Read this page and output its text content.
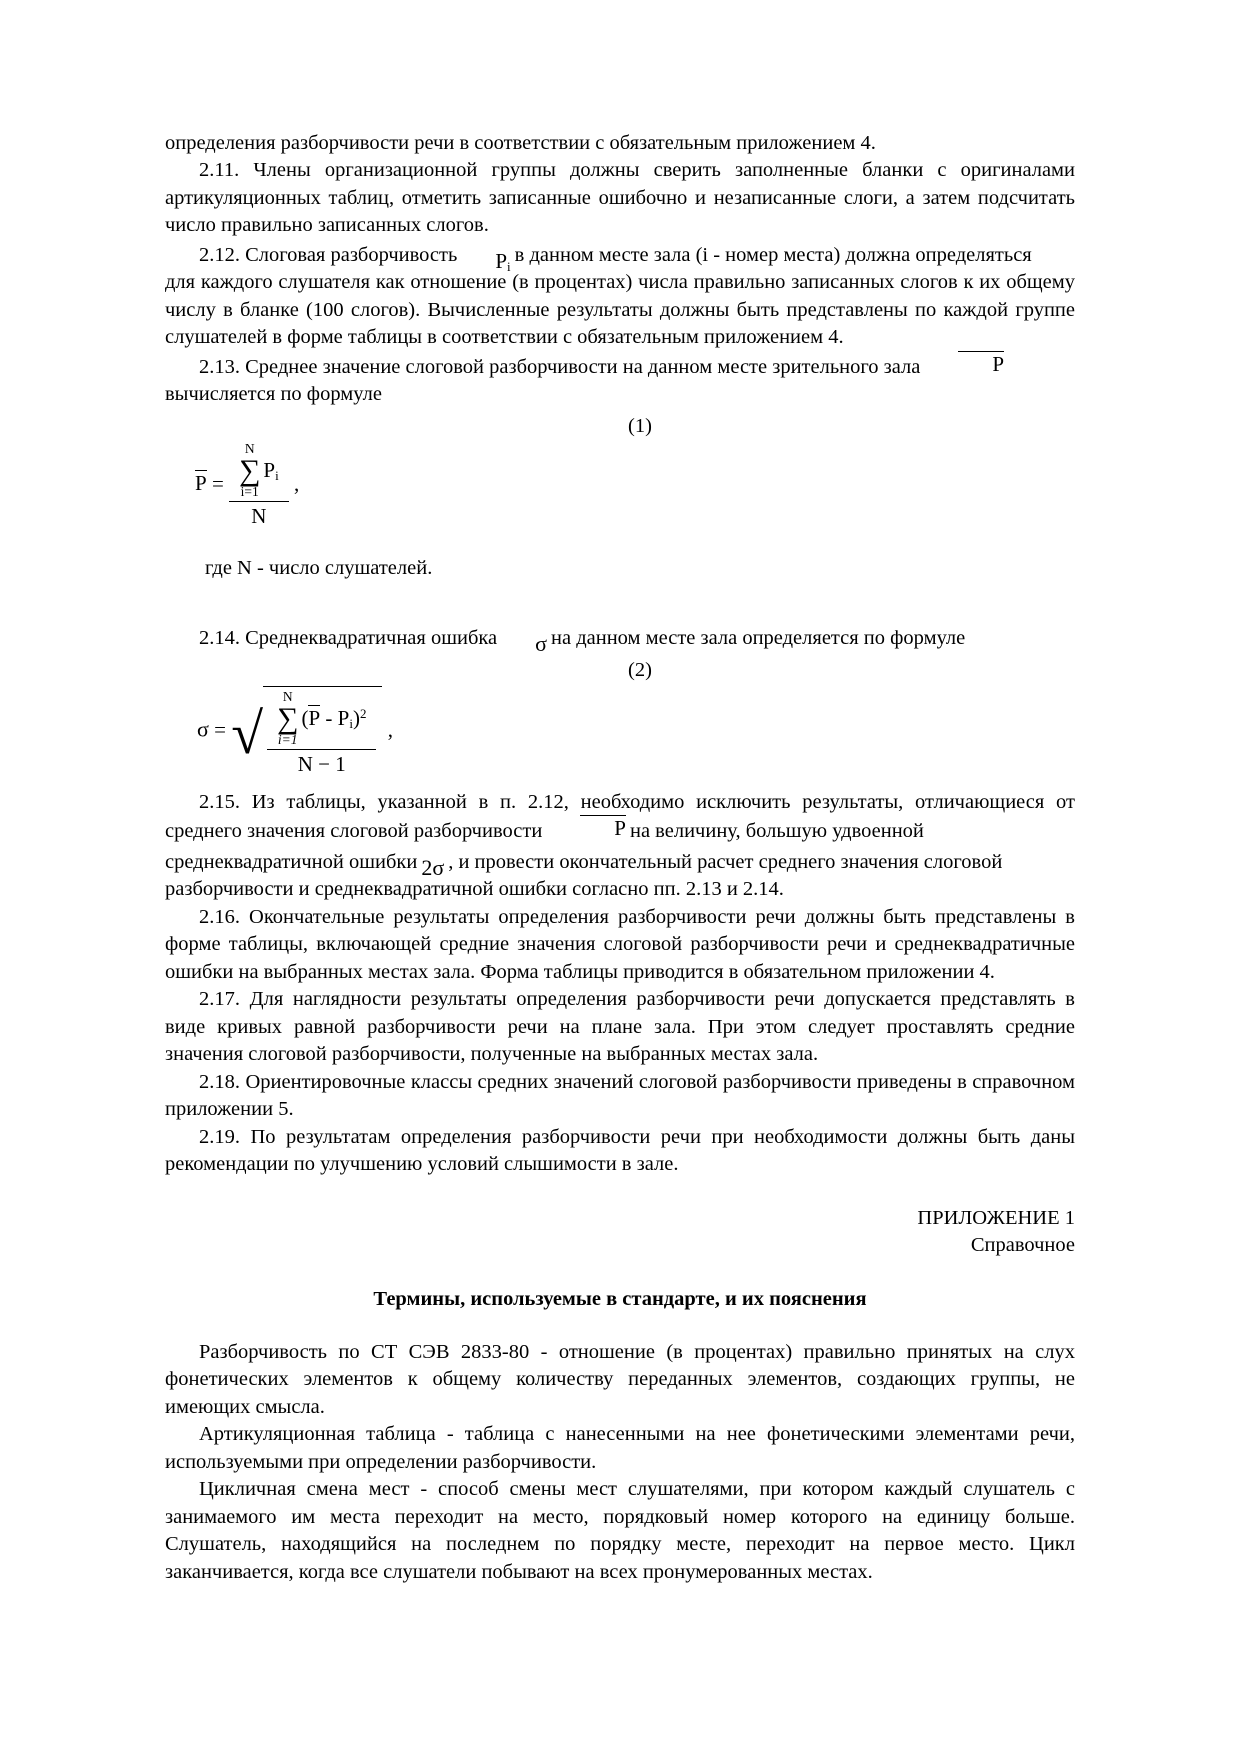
определения разборчивости речи в соответствии с обязательным приложением 4.

2.11. Члены организационной группы должны сверить заполненные бланки с оригиналами артикуляционных таблиц, отметить записанные ошибочно и незаписанные слоги, а затем подсчитать число правильно записанных слогов.

2.12. Слоговая разборчивость $P_iв$ данном месте зала (i - номер места) должна определяться

для каждого слушателя как отношение (в процентах) числа правильно записанных слогов к их общему числу в бланке (100 слогов). Вычисленные результаты должны быть представлены по каждой группе слушателей в форме таблицы в соответствии с обязательным приложением 4.

2.13. Среднее значение слоговой разборчивости на данном месте зрительного зала	P

вычисляется по формуле

(1)
P = N
∑
i=1
$P_i$
N ,

где N - число слушателей.

2.14. Среднеквадратичная ошибка σ на данном месте зала определяется по формуле

(2)
σ = √ N
∑
i=1
$(P - P_i)^2$
N − 1 ,

2.15. Из таблицы, указанной в п. 2.12, необходимо исключить результаты, отличающиеся от среднего значения слоговой разборчивости	P на величину, большую удвоенной

среднеквадратичной ошибки 2σ , и провести окончательный расчет среднего значения слоговой

разборчивости и среднеквадратичной ошибки согласно пп. 2.13 и 2.14.

2.16. Окончательные результаты определения разборчивости речи должны быть представлены в форме таблицы, включающей средние значения слоговой разборчивости речи и среднеквадратичные ошибки на выбранных местах зала. Форма таблицы приводится в обязательном приложении 4.

2.17. Для наглядности результаты определения разборчивости речи допускается представлять в виде кривых равной разборчивости речи на плане зала. При этом следует проставлять средние значения слоговой разборчивости, полученные на выбранных местах зала.

2.18. Ориентировочные классы средних значений слоговой разборчивости приведены в справочном приложении 5.

2.19. По результатам определения разборчивости речи при необходимости должны быть даны рекомендации по улучшению условий слышимости в зале.

ПРИЛОЖЕНИЕ 1
Справочное

Термины, используемые в стандарте, и их пояснения

Разборчивость по СТ СЭВ 2833-80 - отношение (в процентах) правильно принятых на слух фонетических элементов к общему количеству переданных элементов, создающих группы, не имеющих смысла.

Артикуляционная таблица - таблица с нанесенными на нее фонетическими элементами речи, используемыми при определении разборчивости.

Цикличная смена мест - способ смены мест слушателями, при котором каждый слушатель с занимаемого им места переходит на место, порядковый номер которого на единицу больше. Слушатель, находящийся на последнем по порядку месте, переходит на первое место. Цикл заканчивается, когда все слушатели побывают на всех пронумерованных местах.
